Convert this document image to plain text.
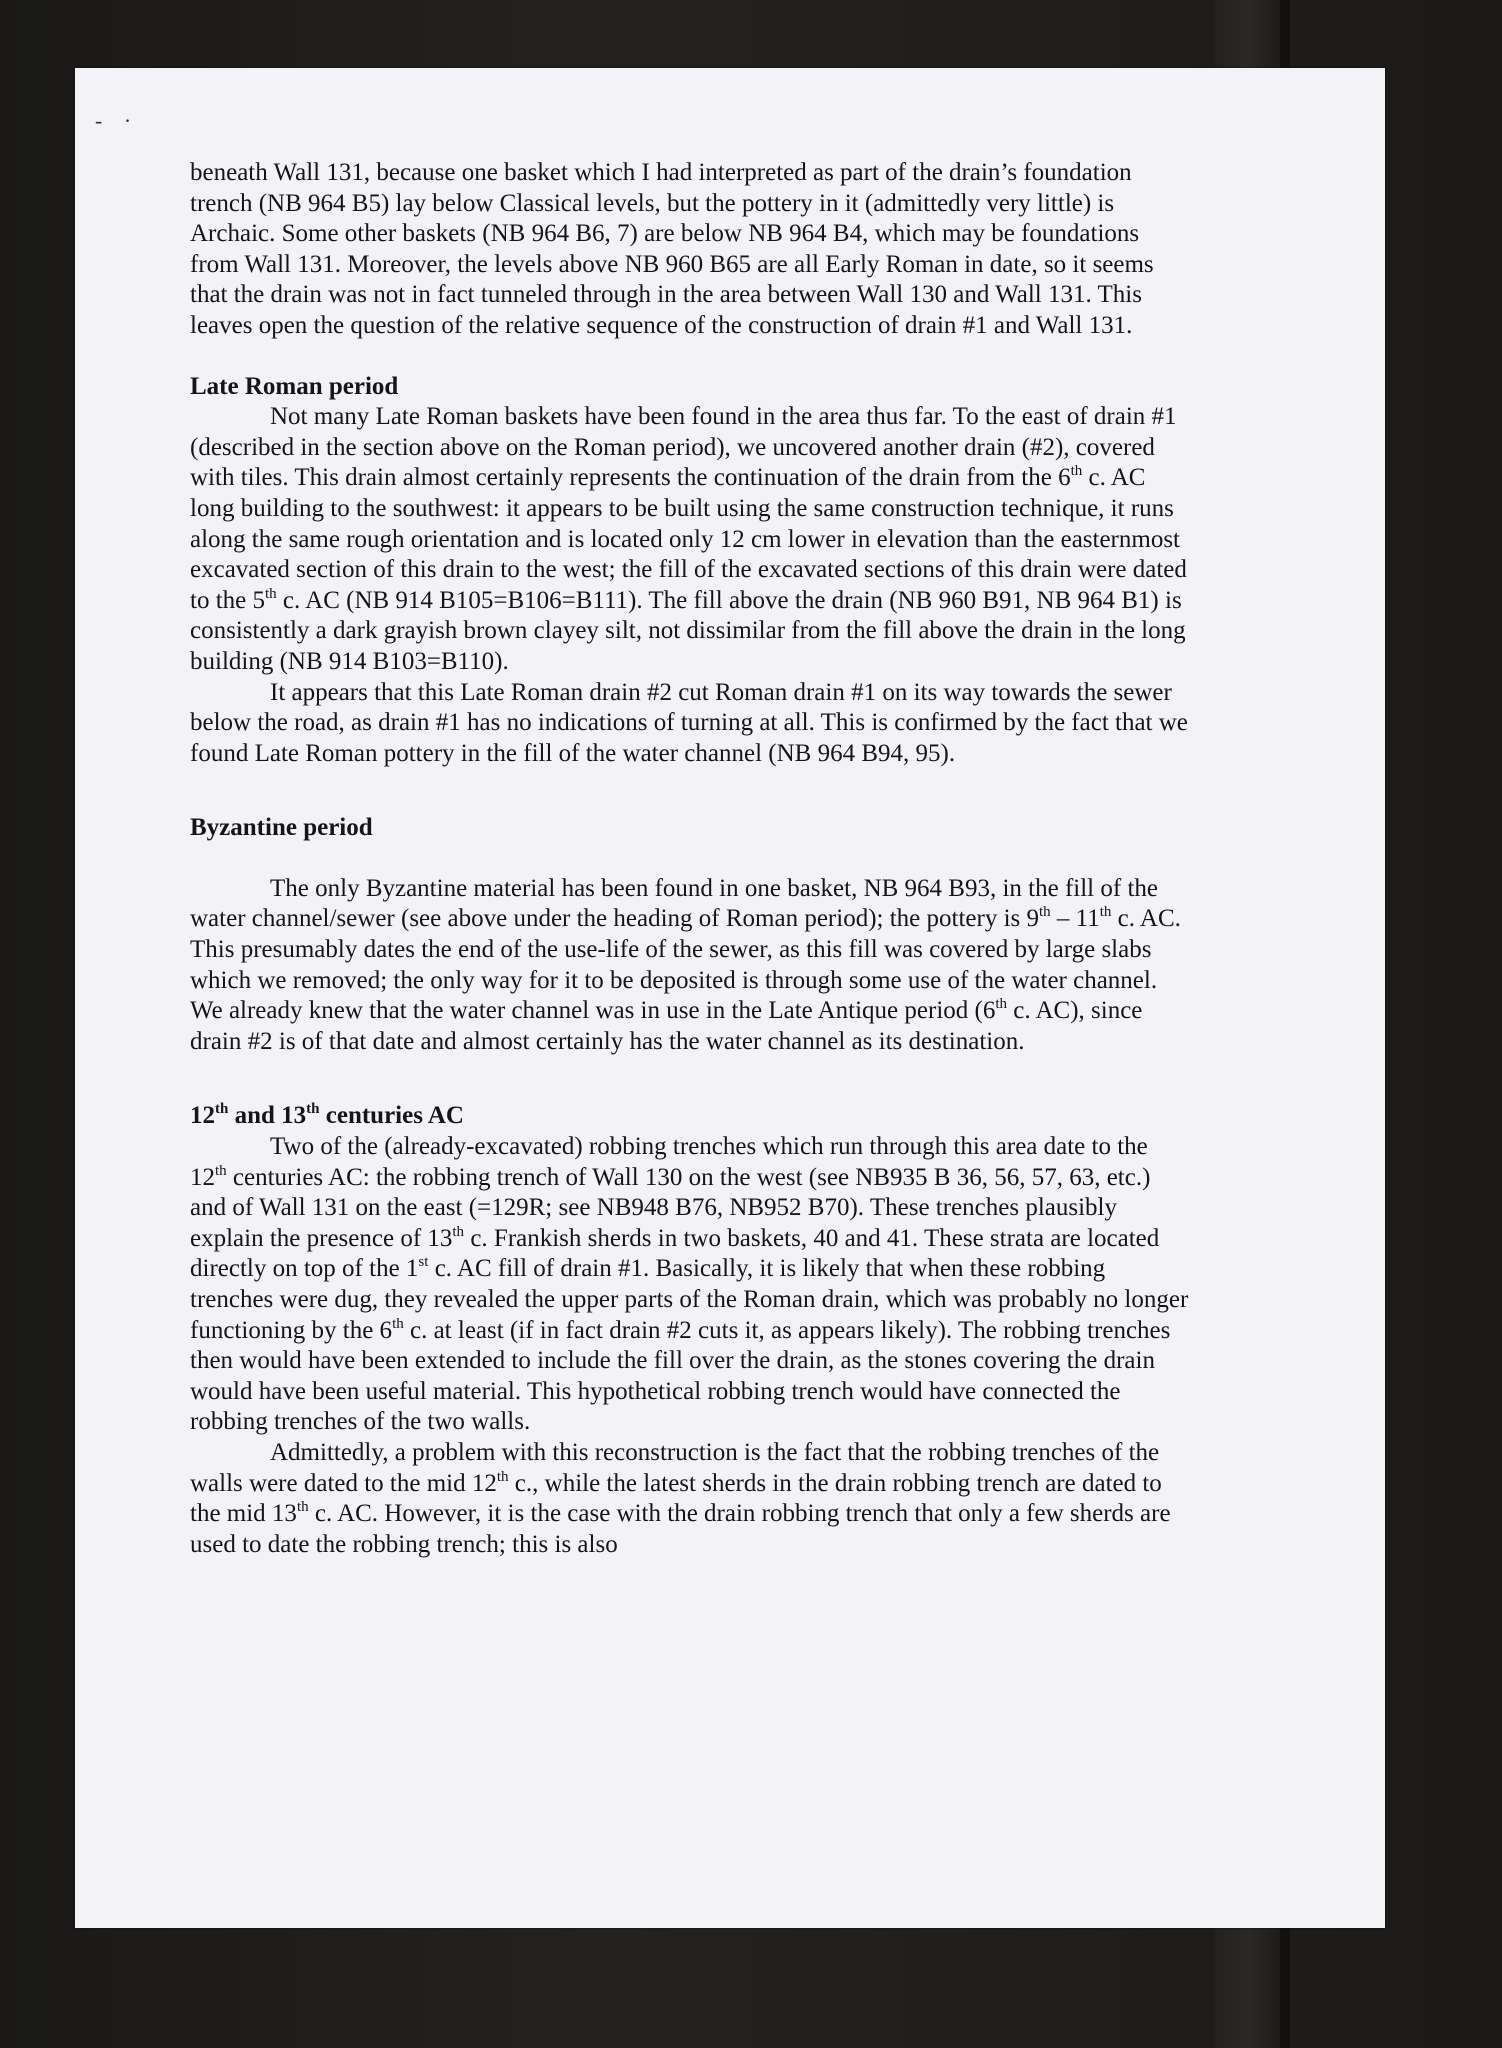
- ·

beneath Wall 131, because one basket which I had interpreted as part of the drain’s foundation trench (NB 964 B5) lay below Classical levels, but the pottery in it (admittedly very little) is Archaic. Some other baskets (NB 964 B6, 7) are below NB 964 B4, which may be foundations from Wall 131. Moreover, the levels above NB 960 B65 are all Early Roman in date, so it seems that the drain was not in fact tunneled through in the area between Wall 130 and Wall 131. This leaves open the question of the relative sequence of the construction of drain #1 and Wall 131.

Late Roman period

Not many Late Roman baskets have been found in the area thus far. To the east of drain #1 (described in the section above on the Roman period), we uncovered another drain (#2), covered with tiles. This drain almost certainly represents the continuation of the drain from the 6th c. AC long building to the southwest: it appears to be built using the same construction technique, it runs along the same rough orientation and is located only 12 cm lower in elevation than the easternmost excavated section of this drain to the west; the fill of the excavated sections of this drain were dated to the 5th c. AC (NB 914 B105=B106=B111). The fill above the drain (NB 960 B91, NB 964 B1) is consistently a dark grayish brown clayey silt, not dissimilar from the fill above the drain in the long building (NB 914 B103=B110).

It appears that this Late Roman drain #2 cut Roman drain #1 on its way towards the sewer below the road, as drain #1 has no indications of turning at all. This is confirmed by the fact that we found Late Roman pottery in the fill of the water channel (NB 964 B94, 95).

Byzantine period

The only Byzantine material has been found in one basket, NB 964 B93, in the fill of the water channel/sewer (see above under the heading of Roman period); the pottery is 9th – 11th c. AC. This presumably dates the end of the use-life of the sewer, as this fill was covered by large slabs which we removed; the only way for it to be deposited is through some use of the water channel. We already knew that the water channel was in use in the Late Antique period (6th c. AC), since drain #2 is of that date and almost certainly has the water channel as its destination.

12th and 13th centuries AC

Two of the (already-excavated) robbing trenches which run through this area date to the 12th centuries AC: the robbing trench of Wall 130 on the west (see NB935 B 36, 56, 57, 63, etc.) and of Wall 131 on the east (=129R; see NB948 B76, NB952 B70). These trenches plausibly explain the presence of 13th c. Frankish sherds in two baskets, 40 and 41. These strata are located directly on top of the 1st c. AC fill of drain #1. Basically, it is likely that when these robbing trenches were dug, they revealed the upper parts of the Roman drain, which was probably no longer functioning by the 6th c. at least (if in fact drain #2 cuts it, as appears likely). The robbing trenches then would have been extended to include the fill over the drain, as the stones covering the drain would have been useful material. This hypothetical robbing trench would have connected the robbing trenches of the two walls.

Admittedly, a problem with this reconstruction is the fact that the robbing trenches of the walls were dated to the mid 12th c., while the latest sherds in the drain robbing trench are dated to the mid 13th c. AC. However, it is the case with the drain robbing trench that only a few sherds are used to date the robbing trench; this is also
